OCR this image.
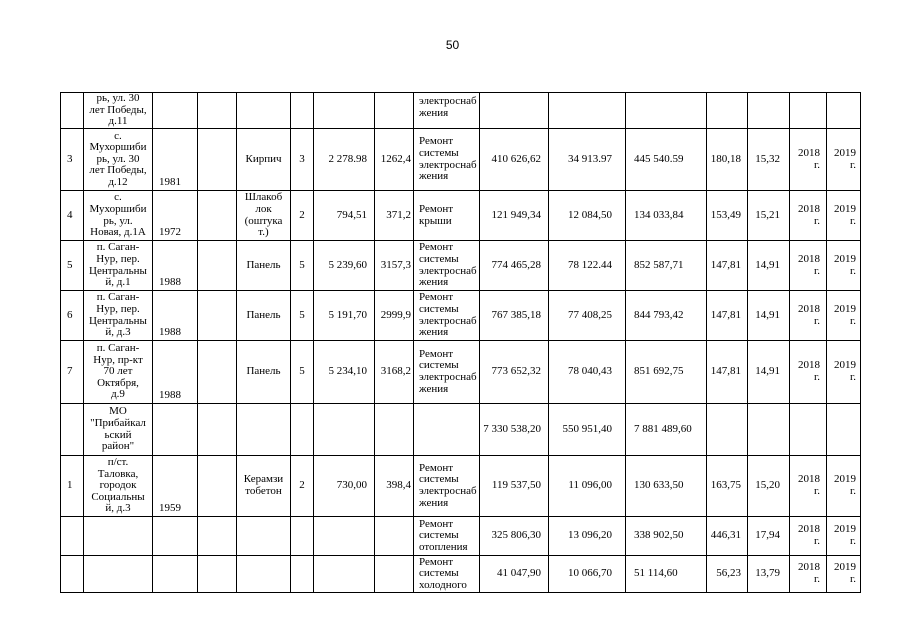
50
	рь, ул. 30
лет Победы,
д.11							электроснаб
жения							
3	с.
Мухоршиби
рь, ул. 30
лет Победы,
д.12	1981		Кирпич	3	2 278.98	1262,4	Ремонт
системы
электроснаб
жения	410 626,62	34 913.97	445 540.59	180,18	15,32	2018
г.	2019
г.
4	с.
Мухоршиби
рь, ул.
Новая, д.1А	1972		Шлакоб
лок
(оштука
т.)	2	794,51	371,2	Ремонт
крыши	121 949,34	12 084,50	134 033,84	153,49	15,21	2018
г.	2019
г.
5	п. Саган-
Нур, пер.
Центральны
й, д.1	1988		Панель	5	5 239,60	3157,3	Ремонт
системы
электроснаб
жения	774 465,28	78 122.44	852 587,71	147,81	14,91	2018
г.	2019
г.
6	п. Саган-
Нур, пер.
Центральны
й, д.3	1988		Панель	5	5 191,70	2999,9	Ремонт
системы
электроснаб
жения	767 385,18	77 408,25	844 793,42	147,81	14,91	2018
г.	2019
г.
7	п. Саган-
Нур, пр-кт
70 лет
Октября,
д.9	1988		Панель	5	5 234,10	3168,2	Ремонт
системы
электроснаб
жения	773 652,32	78 040,43	851 692,75	147,81	14,91	2018
г.	2019
г.
	МО
"Прибайкал
ьский
район"								7 330 538,20	550 951,40	7 881 489,60				
1	п/ст.
Таловка,
городок
Социальны
й, д.3	1959		Керамзи
тобетон	2	730,00	398,4	Ремонт
системы
электроснаб
жения	119 537,50	11 096,00	130 633,50	163,75	15,20	2018
г.	2019
г.
								Ремонт
системы
отопления	325 806,30	13 096,20	338 902,50	446,31	17,94	2018
г.	2019
г.
								Ремонт
системы
холодного	41 047,90	10 066,70	51 114,60	56,23	13,79	2018
г.	2019
г.
